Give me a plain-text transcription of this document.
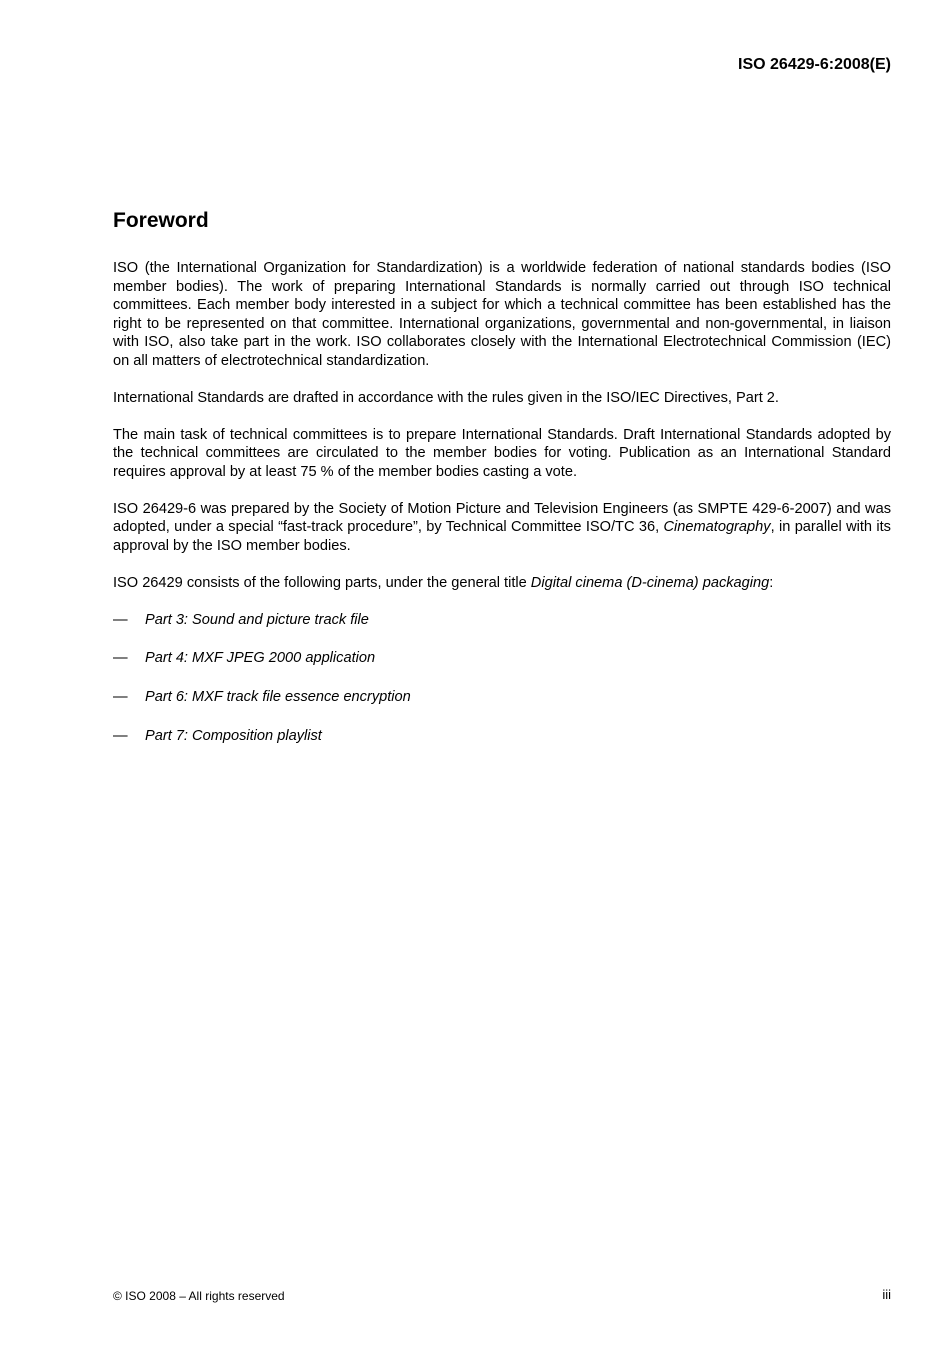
ISO 26429-6:2008(E)
Foreword

ISO (the International Organization for Standardization) is a worldwide federation of national standards bodies (ISO member bodies). The work of preparing International Standards is normally carried out through ISO technical committees. Each member body interested in a subject for which a technical committee has been established has the right to be represented on that committee. International organizations, governmental and non-governmental, in liaison with ISO, also take part in the work. ISO collaborates closely with the International Electrotechnical Commission (IEC) on all matters of electrotechnical standardization.

International Standards are drafted in accordance with the rules given in the ISO/IEC Directives, Part 2.

The main task of technical committees is to prepare International Standards. Draft International Standards adopted by the technical committees are circulated to the member bodies for voting. Publication as an International Standard requires approval by at least 75 % of the member bodies casting a vote.

ISO 26429-6 was prepared by the Society of Motion Picture and Television Engineers (as SMPTE 429-6-2007) and was adopted, under a special “fast-track procedure”, by Technical Committee ISO/TC 36, Cinematography, in parallel with its approval by the ISO member bodies.

ISO 26429 consists of the following parts, under the general title Digital cinema (D-cinema) packaging:

— Part 3: Sound and picture track file
— Part 4: MXF JPEG 2000 application
— Part 6: MXF track file essence encryption
— Part 7: Composition playlist
© ISO 2008 – All rights reserved	iii
